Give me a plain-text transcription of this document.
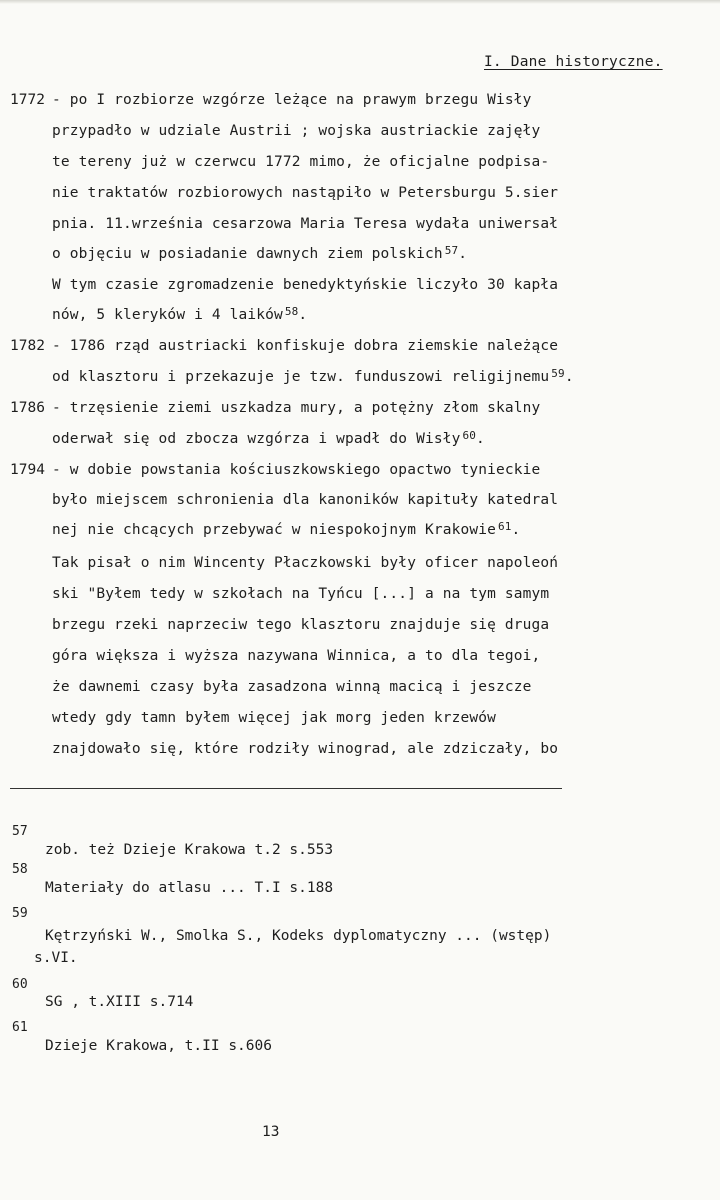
I. Dane historyczne.
1772 - po I rozbiorze wzgórze leżące na prawym brzegu Wisły
przypadło w udziale Austrii ; wojska austriackie zajęły
te tereny już w czerwcu 1772 mimo, że oficjalne podpisa-
nie traktatów rozbiorowych nastąpiło w Petersburgu 5.sier
pnia. 11.września cesarzowa Maria Teresa wydała uniwersał
o objęciu w posiadanie dawnych ziem polskich $^{57}$.
W tym czasie zgromadzenie benedyktyńskie liczyło 30 kapła
nów, 5 kleryków i 4 laików $^{58}$.
1782 - 1786 rząd austriacki konfiskuje dobra ziemskie należące
od klasztoru i przekazuje je tzw. funduszowi religijnemu $^{59}$.
1786 - trzęsienie ziemi uszkadza mury, a potężny złom skalny
oderwał się od zbocza wzgórza i wpadł do Wisły $^{60}$.
1794 - w dobie powstania kościuszkowskiego opactwo tynieckie
było miejscem schronienia dla kanoników kapituły katedral
nej nie chcących przebywać w niespokojnym Krakowie $^{61}$.
Tak pisał o nim Wincenty Płaczkowski były oficer napoleoń
ski "Byłem tedy w szkołach na Tyńcu [...] a na tym samym
brzegu rzeki naprzeciw tego klasztoru znajduje się druga
góra większa i wyższa nazywana Winnica, a to dla tegoi,
że dawnemi czasy była zasadzona winną macicą i jeszcze
wtedy gdy tamn byłem więcej jak morg jeden krzewów
znajdowało się, które rodziły winograd, ale zdziczały, bo
57
zob. też Dzieje Krakowa t.2 s.553
58
Materiały do atlasu ... T.I s.188
59
Kętrzyński W., Smolka S., Kodeks dyplomatyczny ... (wstęp)
s.VI.
60
SG , t.XIII s.714
61
Dzieje Krakowa, t.II s.606
13
